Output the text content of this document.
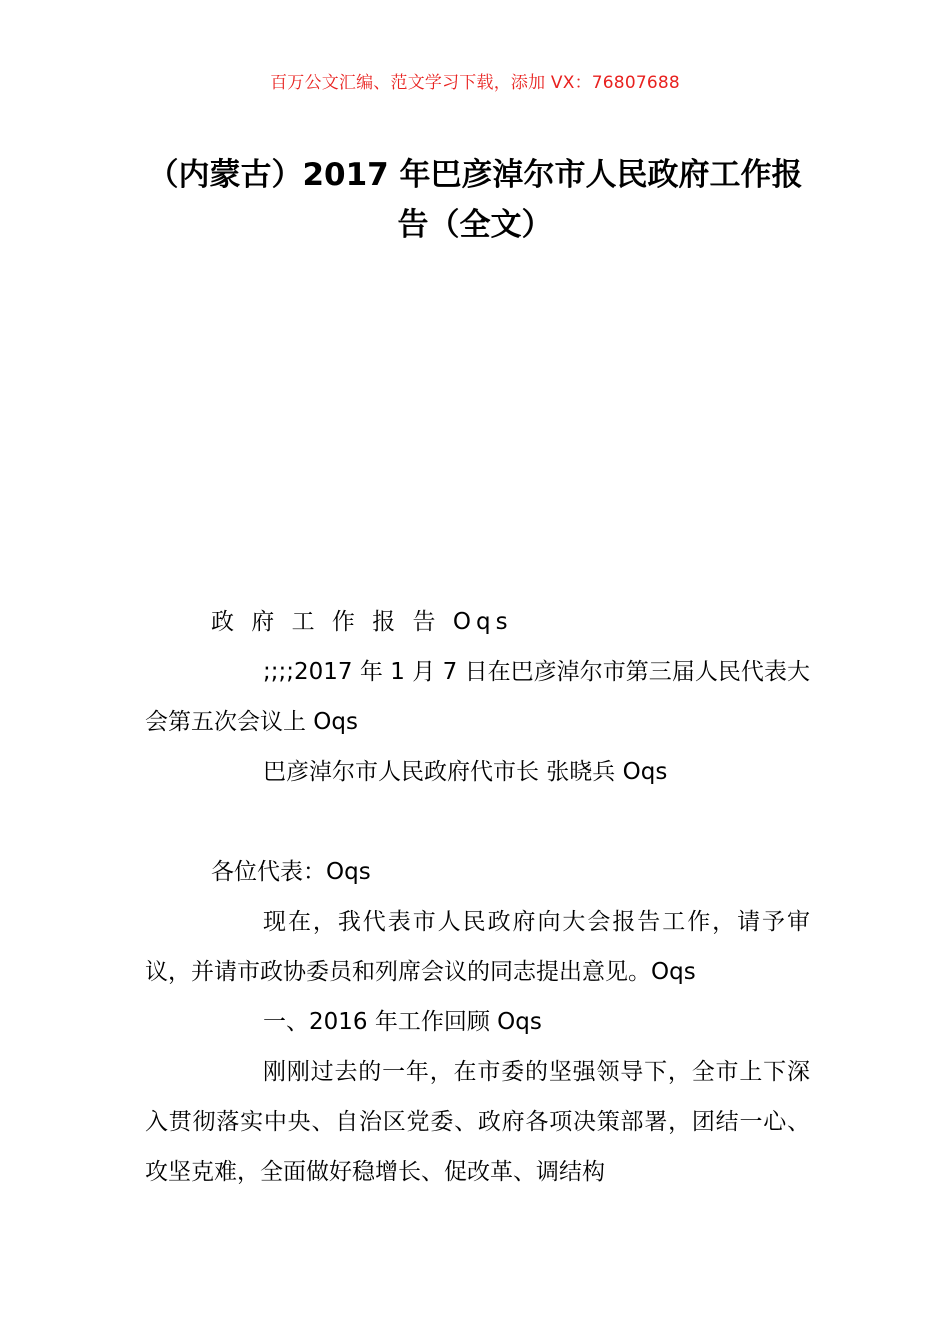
百万公文汇编、范文学习下载，添加 VX：76807688
（内蒙古）2017 年巴彦淖尔市人民政府工作报告（全文）

政 府 工 作 报 告 Oqs

;;;;2017 年 1 月 7 日在巴彦淖尔市第三届人民代表大会第五次会议上 Oqs

巴彦淖尔市人民政府代市长 张晓兵 Oqs

各位代表：Oqs

现在，我代表市人民政府向大会报告工作，请予审议，并请市政协委员和列席会议的同志提出意见。Oqs

一、2016 年工作回顾 Oqs

刚刚过去的一年，在市委的坚强领导下，全市上下深入贯彻落实中央、自治区党委、政府各项决策部署，团结一心、攻坚克难，全面做好稳增长、促改革、调结构
